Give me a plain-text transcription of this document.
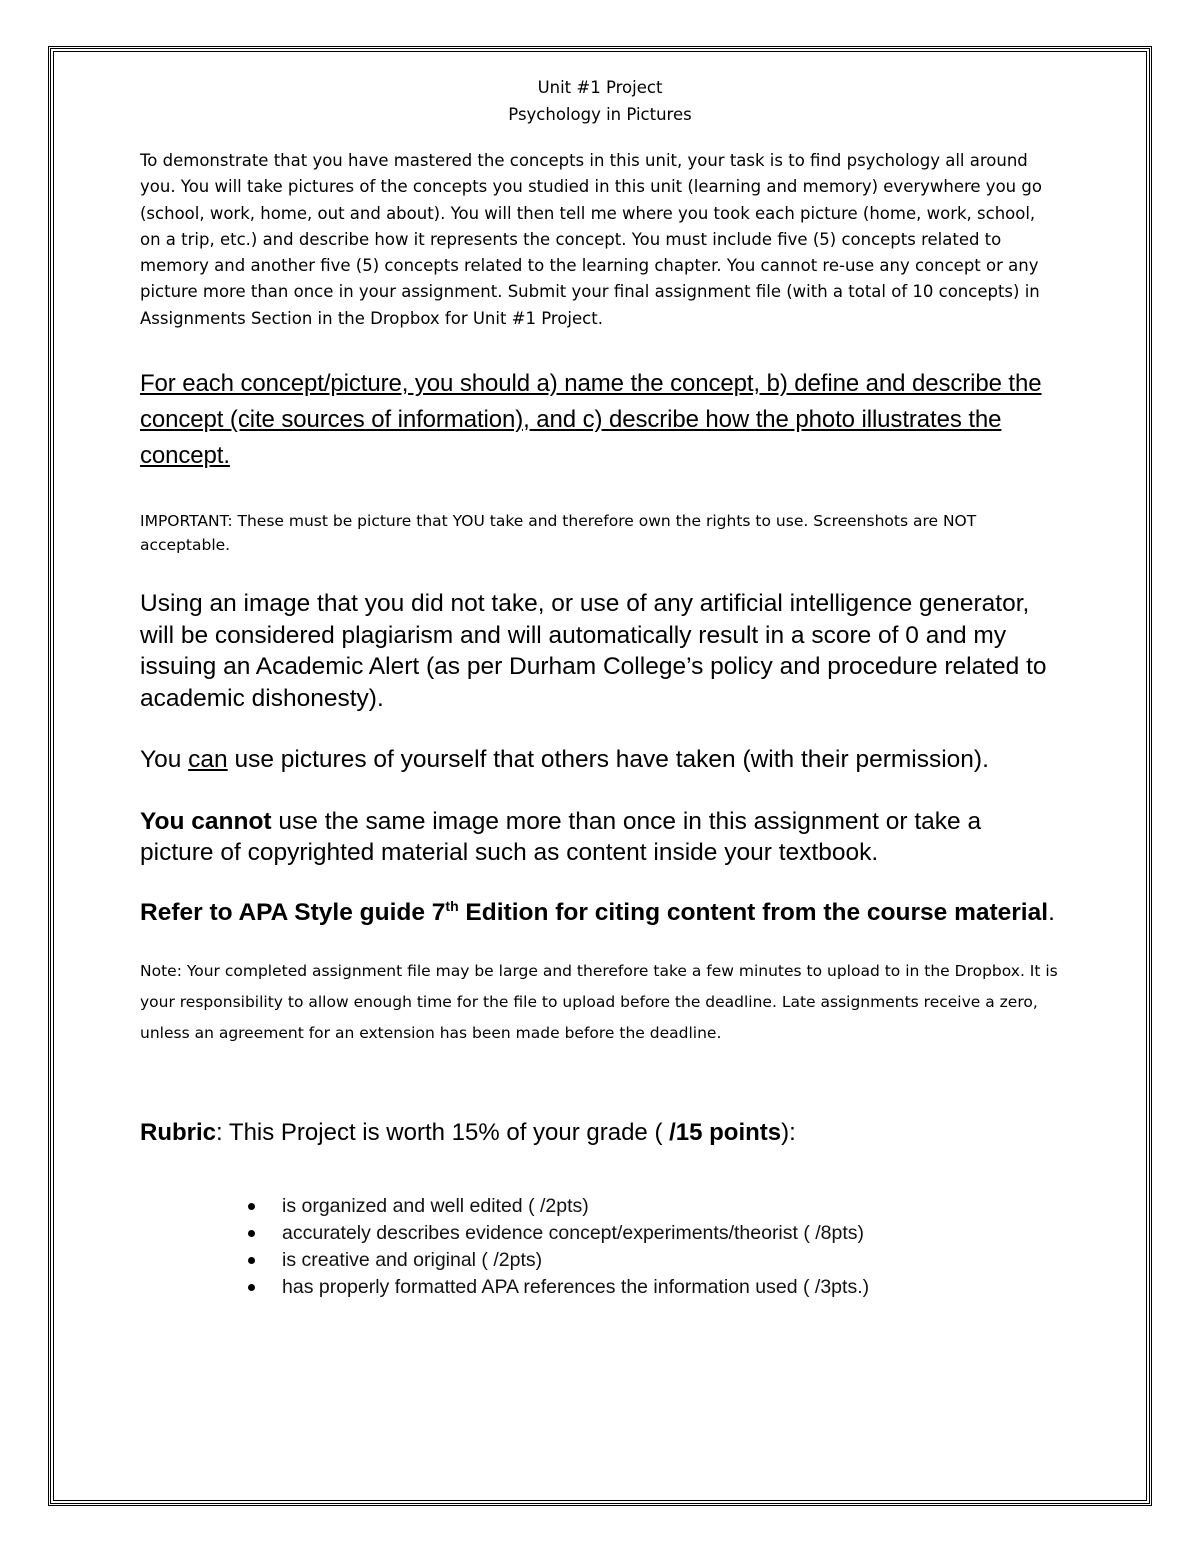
Unit #1 Project
Psychology in Pictures

To demonstrate that you have mastered the concepts in this unit, your task is to find psychology all around you. You will take pictures of the concepts you studied in this unit (learning and memory) everywhere you go (school, work, home, out and about). You will then tell me where you took each picture (home, work, school, on a trip, etc.) and describe how it represents the concept. You must include five (5) concepts related to memory and another five (5) concepts related to the learning chapter. You cannot re-use any concept or any picture more than once in your assignment. Submit your final assignment file (with a total of 10 concepts) in Assignments Section in the Dropbox for Unit #1 Project.

For each concept/picture, you should a) name the concept, b) define and describe the concept (cite sources of information), and c) describe how the photo illustrates the concept.

IMPORTANT: These must be picture that YOU take and therefore own the rights to use. Screenshots are NOT acceptable.

Using an image that you did not take, or use of any artificial intelligence generator, will be considered plagiarism and will automatically result in a score of 0 and my issuing an Academic Alert (as per Durham College’s policy and procedure related to academic dishonesty).

You can use pictures of yourself that others have taken (with their permission).

You cannot use the same image more than once in this assignment or take a picture of copyrighted material such as content inside your textbook.

Refer to APA Style guide 7th Edition for citing content from the course material.

Note: Your completed assignment file may be large and therefore take a few minutes to upload to in the Dropbox. It is your responsibility to allow enough time for the file to upload before the deadline. Late assignments receive a zero, unless an agreement for an extension has been made before the deadline.

Rubric: This Project is worth 15% of your grade ( /15 points):

is organized and well edited ( /2pts)
accurately describes evidence concept/experiments/theorist ( /8pts)
is creative and original ( /2pts)
has properly formatted APA references the information used ( /3pts.)
